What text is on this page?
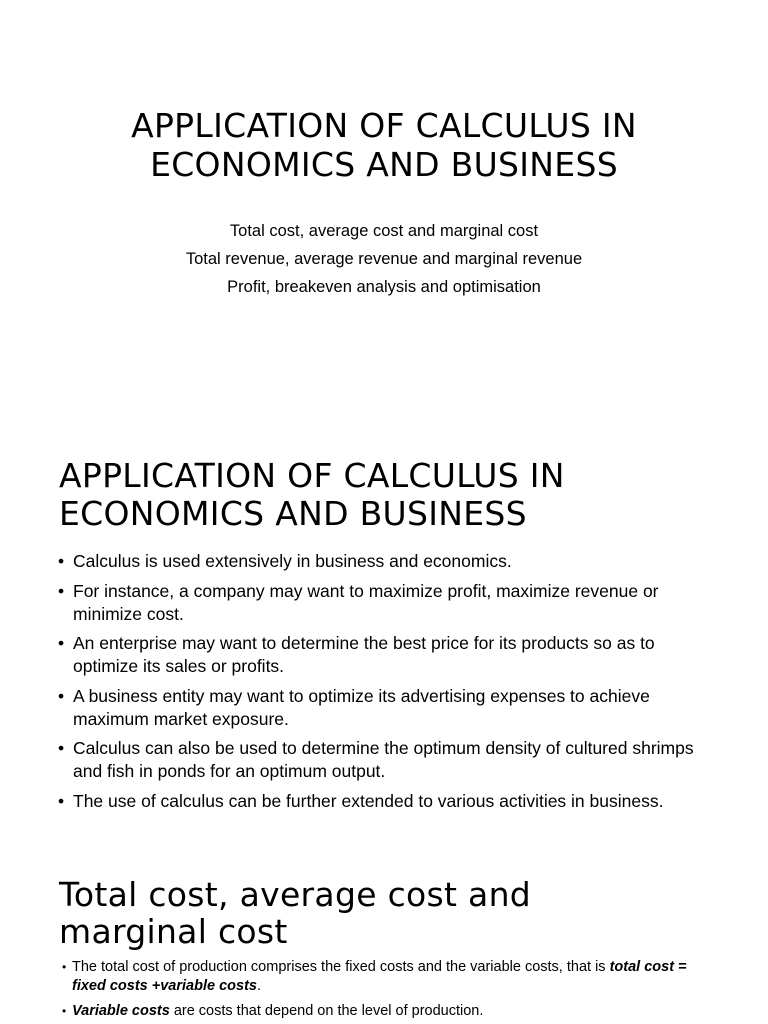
APPLICATION OF CALCULUS IN
ECONOMICS AND BUSINESS
Total cost, average cost and marginal cost
Total revenue, average revenue and marginal revenue
Profit, breakeven analysis and optimisation
APPLICATION OF CALCULUS IN
ECONOMICS AND BUSINESS
• Calculus is used extensively in business and economics.
• For instance, a company may want to maximize profit, maximize revenue or minimize cost.
• An enterprise may want to determine the best price for its products so as to optimize its sales or profits.
• A business entity may want to optimize its advertising expenses to achieve maximum market exposure.
• Calculus can also be used to determine the optimum density of cultured shrimps and fish in ponds for an optimum output.
• The use of calculus can be further extended to various activities in business.
Total cost, average cost and
marginal cost
• The total cost of production comprises the fixed costs and the variable costs, that is total cost = fixed costs +variable costs.
• Variable costs are costs that depend on the level of production.
